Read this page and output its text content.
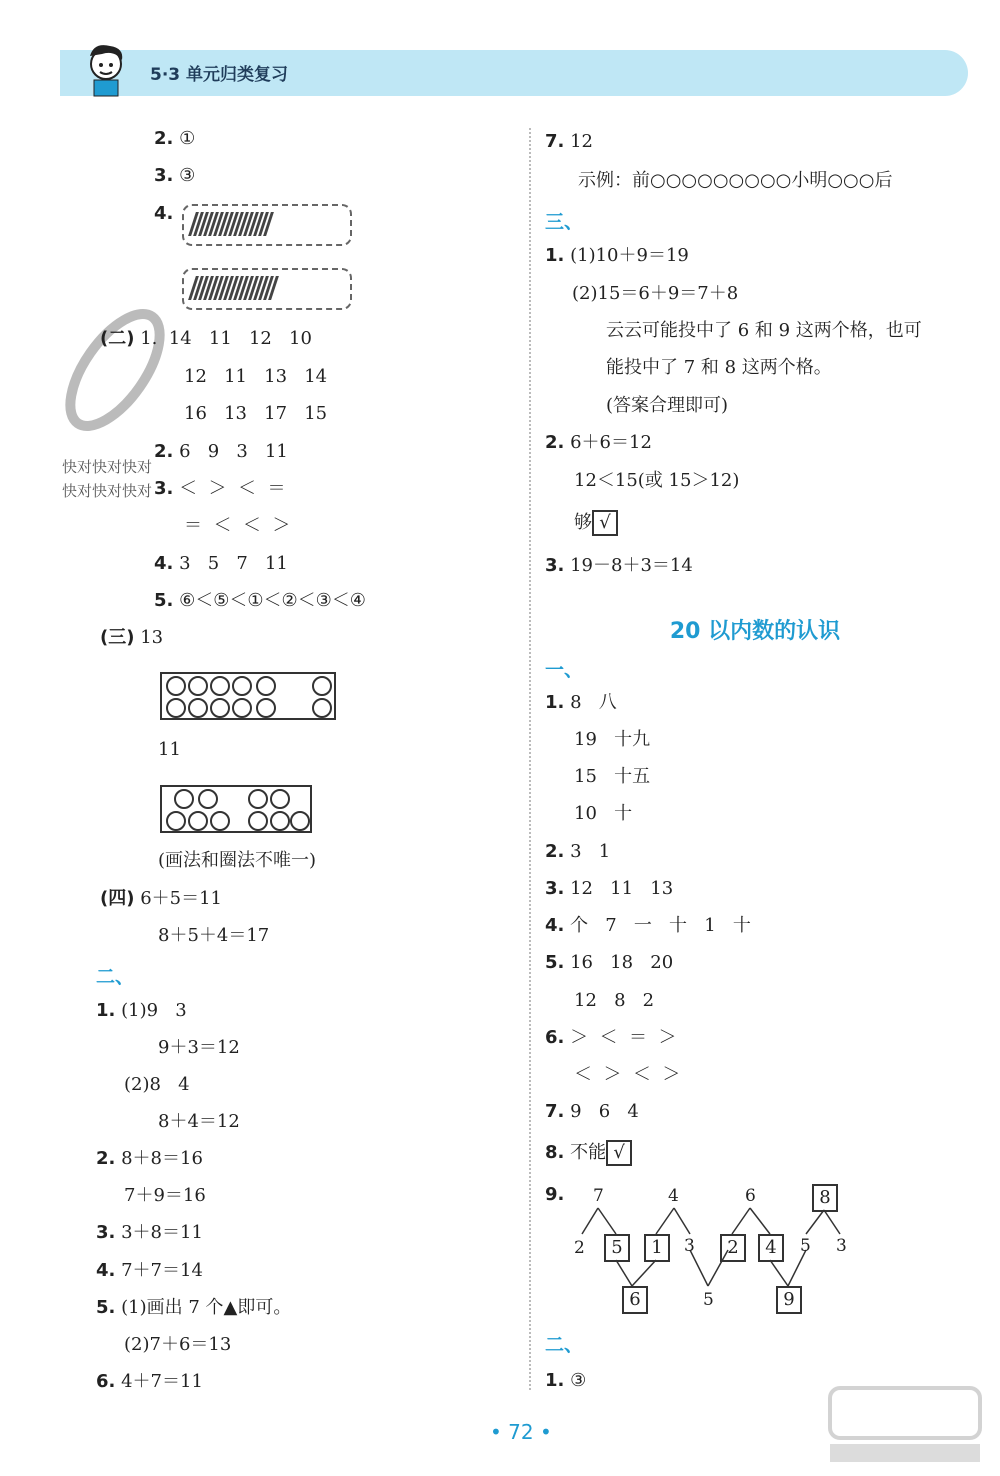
5·3 单元归类复习
快对快对快对
快对快对快对
2. ①
3. ③
4.
(二) 1.  14   11   12   10
12   11   13   14
16   13   17   15
2. 6   9   3   11
3. ＜  ＞  ＜  ＝
＝  ＜  ＜  ＞
4. 3   5   7   11
5. ⑥＜⑤＜①＜②＜③＜④
(三) 13
11
(画法和圈法不唯一)
(四) 6＋5＝11
8＋5＋4＝17
二、
1. (1)9   3
9＋3＝12
(2)8   4
8＋4＝12
2. 8＋8＝16
7＋9＝16
3. 3＋8＝11
4. 7＋7＝14
5. (1)画出 7 个▲即可。
(2)7＋6＝13
6. 4＋7＝11
7. 12
示例：前○○○○○○○○○小明○○○后
三、
1. (1)10＋9＝19
(2)15＝6＋9＝7＋8
云云可能投中了 6 和 9 这两个格，也可
能投中了 7 和 8 这两个格。
(答案合理即可)
2. 6＋6＝12
12＜15(或 15＞12)
够 √
3. 19－8＋3＝14
20 以内数的认识
一、
1. 8   八
19   十九
15   十五
10   十
2. 3   1
3. 12   11   13
4. 个   7   一   十   1   十
5. 16   18   20
12   8   2
6. ＞  ＜  ＝  ＞
＜  ＞  ＜  ＞
7. 9   6   4
8. 不能 √
9. 7
2	5	1	3
4
6
2	4
6
5
3
5
9
8
二、
1. ③
• 72 •
